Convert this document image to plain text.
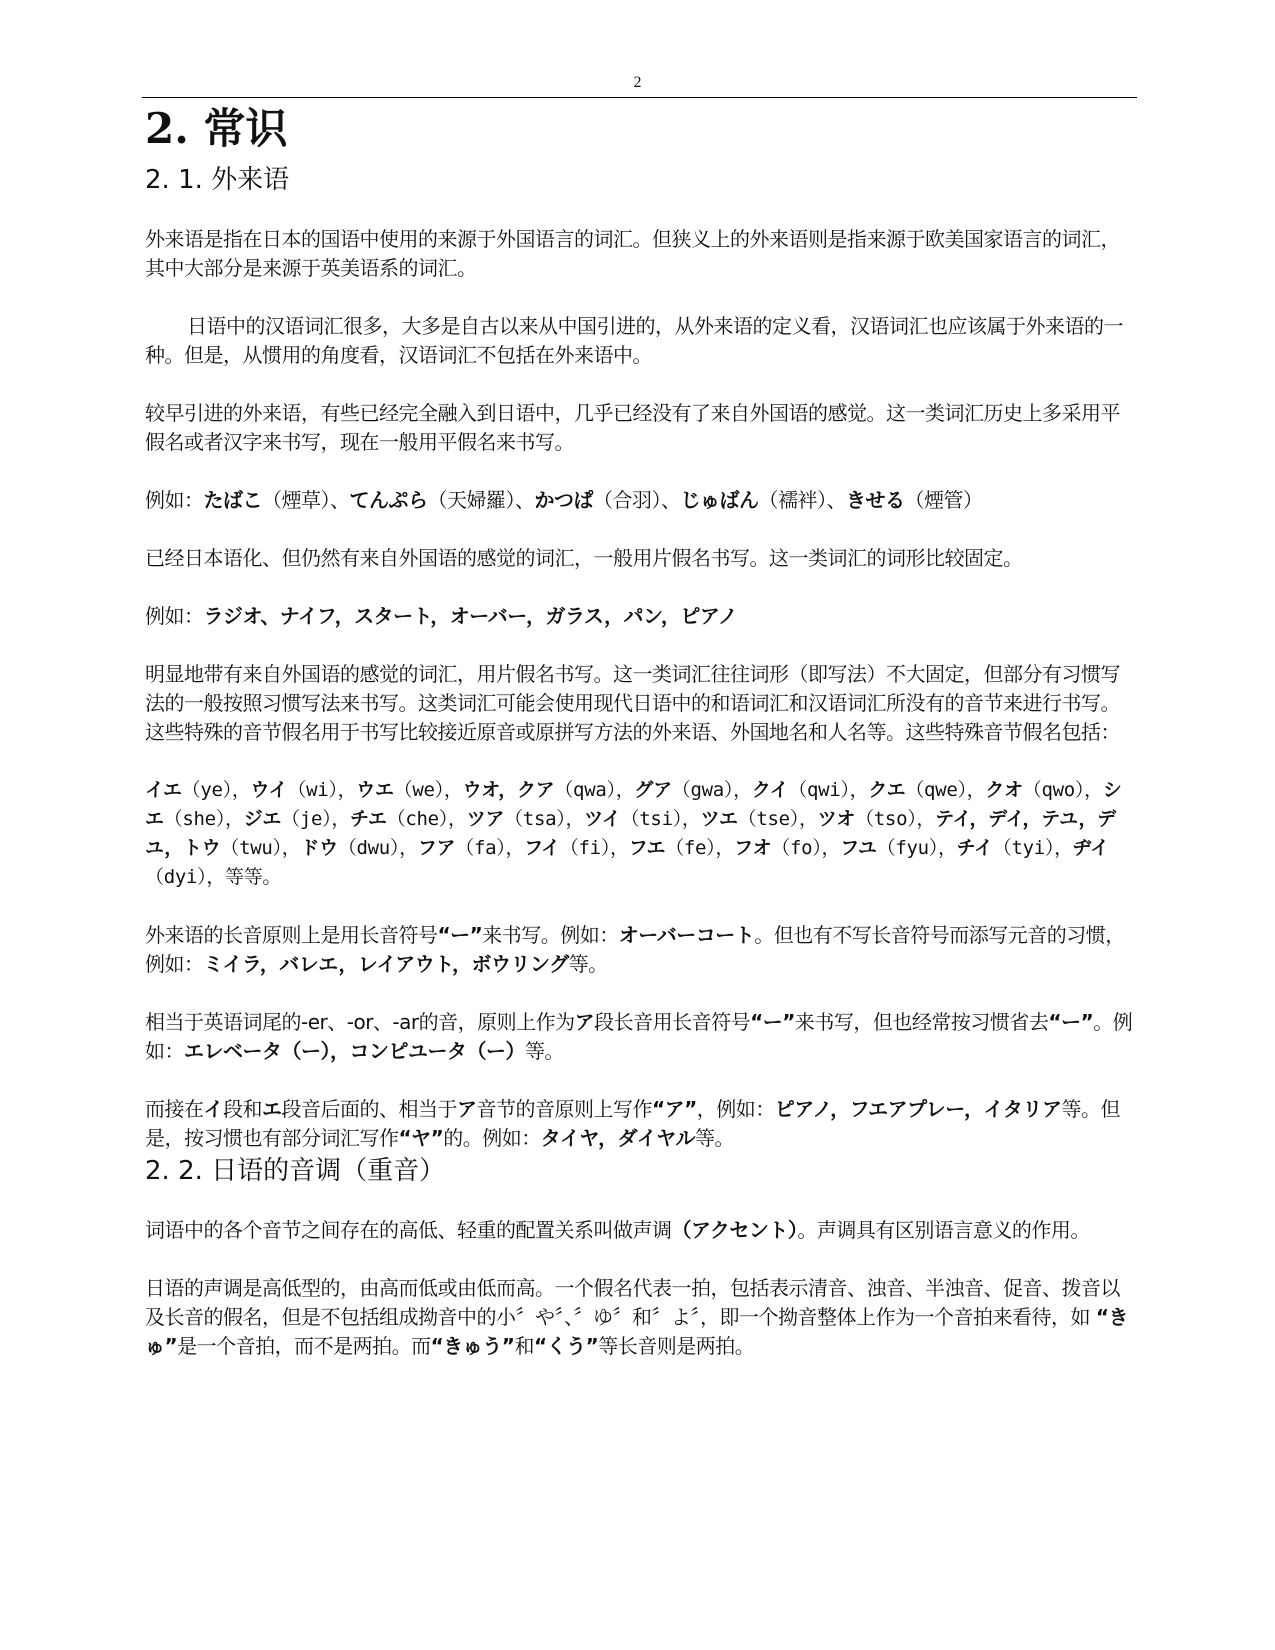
2
2. 常识
2. 1. 外来语

外来语是指在日本的国语中使用的来源于外国语言的词汇。但狭义上的外来语则是指来源于欧美国家语言的词汇，其中大部分是来源于英美语系的词汇。

日语中的汉语词汇很多，大多是自古以来从中国引进的，从外来语的定义看，汉语词汇也应该属于外来语的一种。但是，从惯用的角度看，汉语词汇不包括在外来语中。

较早引进的外来语，有些已经完全融入到日语中，几乎已经没有了来自外国语的感觉。这一类词汇历史上多采用平假名或者汉字来书写，现在一般用平假名来书写。

例如：たばこ（煙草）、てんぷら（天婦羅）、かつぱ（合羽）、じゅばん（襦袢）、きせる（煙管）

已经日本语化、但仍然有来自外国语的感觉的词汇，一般用片假名书写。这一类词汇的词形比较固定。

例如：ラジオ、ナイフ，スタート，オーバー，ガラス，パン，ピアノ

明显地带有来自外国语的感觉的词汇，用片假名书写。这一类词汇往往词形（即写法）不大固定，但部分有习惯写法的一般按照习惯写法来书写。这类词汇可能会使用现代日语中的和语词汇和汉语词汇所没有的音节来进行书写。这些特殊的音节假名用于书写比较接近原音或原拼写方法的外来语、外国地名和人名等。这些特殊音节假名包括：

イエ（ye），ウイ（wi），ウエ（we），ウオ，クア（qwa），グア（gwa），クイ（qwi），クエ（qwe），クオ（qwo），シエ（she），ジエ（je），チエ（che），ツア（tsa），ツイ（tsi），ツエ（tse），ツオ（tso），テイ，デイ，テユ，デユ，トウ（twu），ドウ（dwu），フア（fa），フイ（fi），フエ（fe），フオ（fo），フユ（fyu），チイ（tyi），ヂイ（dyi），等等。

外来语的长音原则上是用长音符号“ー”来书写。例如：オーバーコート。但也有不写长音符号而添写元音的习惯，例如：ミイラ，バレエ，レイアウト，ボウリング等。

相当于英语词尾的-er、-or、-ar的音，原则上作为ア段长音用长音符号“ー”来书写，但也经常按习惯省去“ー”。例如：エレベータ（ー），コンピユータ（ー）等。

而接在イ段和エ段音后面的、相当于ア音节的音原则上写作“ア”，例如：ピアノ，フエアプレー，イタリア等。但是，按习惯也有部分词汇写作“ヤ”的。例如：タイヤ，ダイヤル等。

2. 2. 日语的音调（重音）

词语中的各个音节之间存在的高低、轻重的配置关系叫做声调（アクセント）。声调具有区别语言意义的作用。

日语的声调是高低型的，由高而低或由低而高。一个假名代表一拍，包括表示清音、浊音、半浊音、促音、拨音以及长音的假名，但是不包括组成拗音中的小〞や〞、〞ゆ〞和〞よ〞，即一个拗音整体上作为一个音拍来看待，如 “きゅ”是一个音拍，而不是两拍。而“きゅう”和“くう”等长音则是两拍。
